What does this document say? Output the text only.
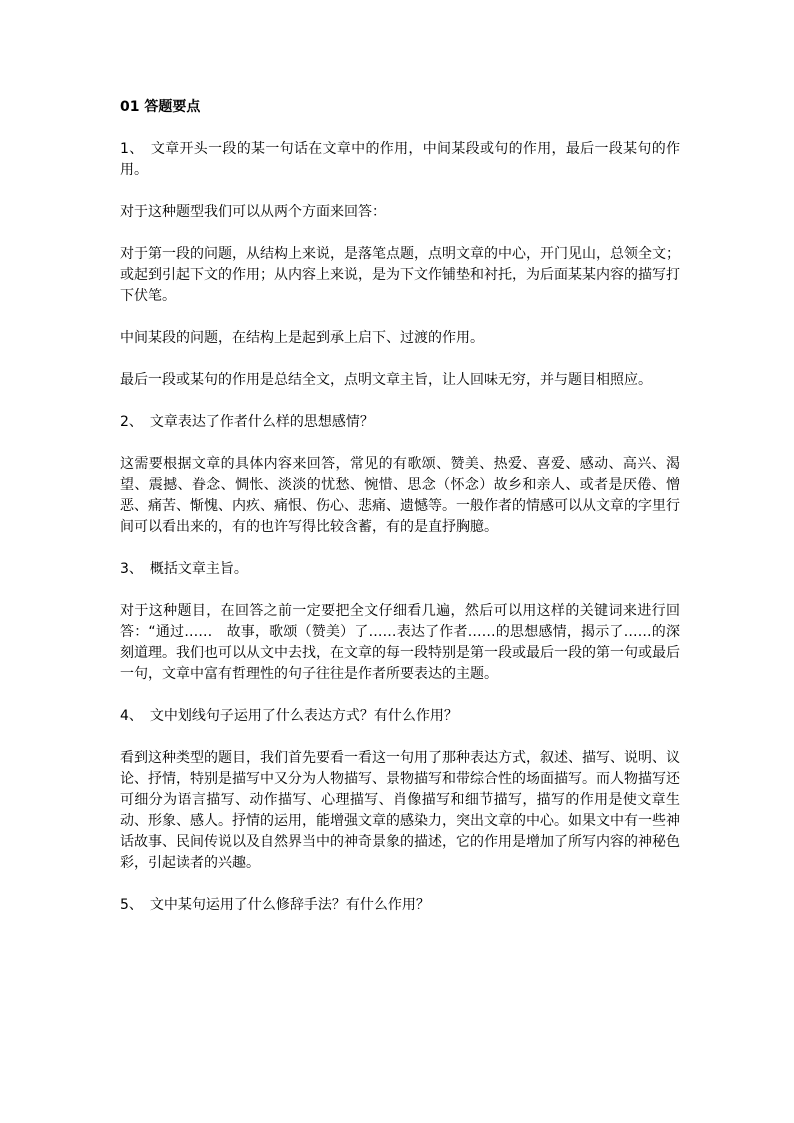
01 答题要点

1、　文章开头一段的某一句话在文章中的作用，中间某段或句的作用，最后一段某句的作用。

对于这种题型我们可以从两个方面来回答：

对于第一段的问题，从结构上来说，是落笔点题，点明文章的中心，开门见山，总领全文；或起到引起下文的作用；从内容上来说，是为下文作铺垫和衬托，为后面某某内容的描写打下伏笔。

中间某段的问题，在结构上是起到承上启下、过渡的作用。

最后一段或某句的作用是总结全文，点明文章主旨，让人回味无穷，并与题目相照应。

2、　文章表达了作者什么样的思想感情？

这需要根据文章的具体内容来回答，常见的有歌颂、赞美、热爱、喜爱、感动、高兴、渴望、震撼、眷念、惆怅、淡淡的忧愁、惋惜、思念（怀念）故乡和亲人、或者是厌倦、憎恶、痛苦、惭愧、内疚、痛恨、伤心、悲痛、遗憾等。一般作者的情感可以从文章的字里行间可以看出来的，有的也许写得比较含蓄，有的是直抒胸臆。

3、　概括文章主旨。

对于这种题目，在回答之前一定要把全文仔细看几遍，然后可以用这样的关键词来进行回答：“通过……　故事，歌颂（赞美）了……表达了作者……的思想感情，揭示了……的深刻道理。我们也可以从文中去找，在文章的每一段特别是第一段或最后一段的第一句或最后一句，文章中富有哲理性的句子往往是作者所要表达的主题。

4、　文中划线句子运用了什么表达方式？有什么作用？

看到这种类型的题目，我们首先要看一看这一句用了那种表达方式，叙述、描写、说明、议论、抒情，特别是描写中又分为人物描写、景物描写和带综合性的场面描写。而人物描写还可细分为语言描写、动作描写、心理描写、肖像描写和细节描写，描写的作用是使文章生动、形象、感人。抒情的运用，能增强文章的感染力，突出文章的中心。如果文中有一些神话故事、民间传说以及自然界当中的神奇景象的描述，它的作用是增加了所写内容的神秘色彩，引起读者的兴趣。

5、　文中某句运用了什么修辞手法？有什么作用？
